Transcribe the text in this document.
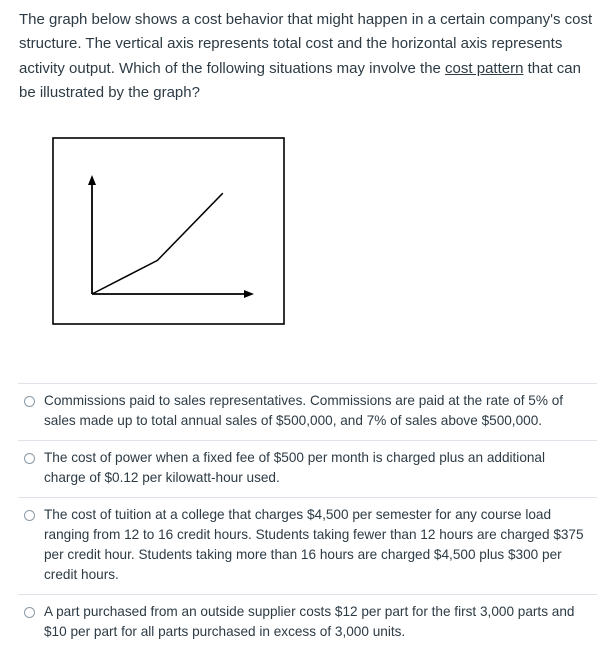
The graph below shows a cost behavior that might happen in a certain company's cost structure. The vertical axis represents total cost and the horizontal axis represents activity output. Which of the following situations may involve the cost pattern that can be illustrated by the graph?
Commissions paid to sales representatives. Commissions are paid at the rate of 5% of sales made up to total annual sales of $500,000, and 7% of sales above $500,000.
The cost of power when a fixed fee of $500 per month is charged plus an additional charge of $0.12 per kilowatt-hour used.
The cost of tuition at a college that charges $4,500 per semester for any course load ranging from 12 to 16 credit hours. Students taking fewer than 12 hours are charged $375 per credit hour. Students taking more than 16 hours are charged $4,500 plus $300 per credit hours.
A part purchased from an outside supplier costs $12 per part for the first 3,000 parts and $10 per part for all parts purchased in excess of 3,000 units.
